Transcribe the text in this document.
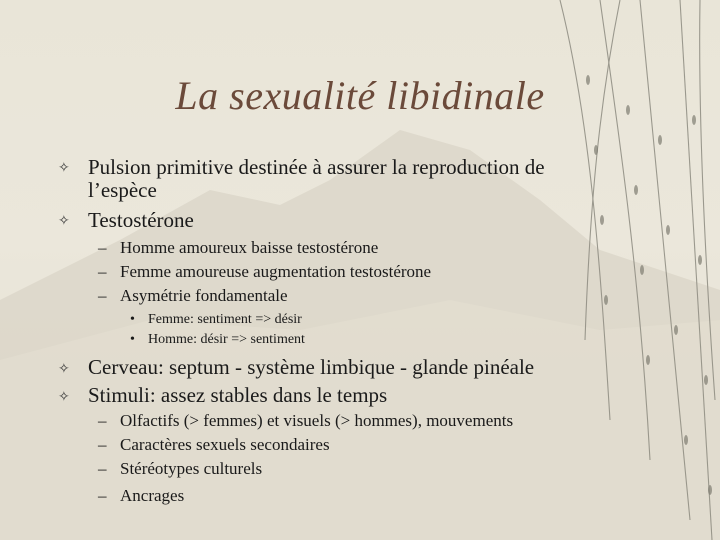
La sexualité libidinale
✧ Pulsion primitive destinée à assurer la reproduction de
l’espèce
✧ Testostérone
– Homme amoureux baisse testostérone
– Femme amoureuse augmentation testostérone
– Asymétrie fondamentale
• Femme: sentiment => désir
• Homme: désir => sentiment
✧ Cerveau: septum - système limbique - glande pinéale
✧ Stimuli: assez stables dans le temps
– Olfactifs (> femmes) et visuels (> hommes), mouvements
– Caractères sexuels secondaires
– Stéréotypes culturels
– Ancrages
